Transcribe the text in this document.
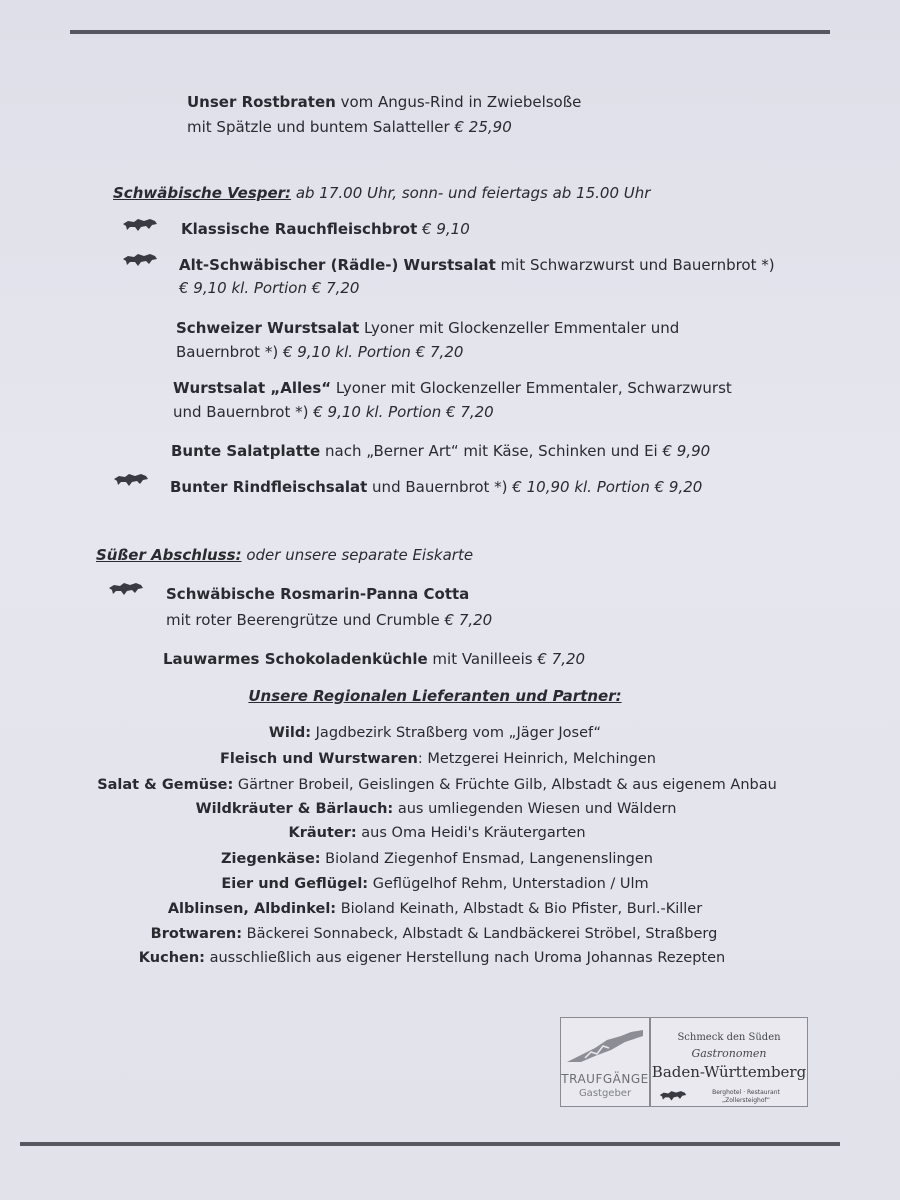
Unser Rostbraten vom Angus-Rind in Zwiebelsoße
mit Spätzle und buntem Salatteller € 25,90
Schwäbische Vesper: ab 17.00 Uhr, sonn- und feiertags ab 15.00 Uhr
Klassische Rauchfleischbrot € 9,10
Alt-Schwäbischer (Rädle-) Wurstsalat mit Schwarzwurst und Bauernbrot *)
€ 9,10 kl. Portion € 7,20
Schweizer Wurstsalat Lyoner mit Glockenzeller Emmentaler und
Bauernbrot *) € 9,10 kl. Portion € 7,20
Wurstsalat „Alles“ Lyoner mit Glockenzeller Emmentaler, Schwarzwurst
und Bauernbrot *) € 9,10 kl. Portion € 7,20
Bunte Salatplatte nach „Berner Art“ mit Käse, Schinken und Ei € 9,90
Bunter Rindfleischsalat und Bauernbrot *) € 10,90 kl. Portion € 9,20
Süßer Abschluss: oder unsere separate Eiskarte
Schwäbische Rosmarin-Panna Cotta
mit roter Beerengrütze und Crumble € 7,20
Lauwarmes Schokoladenküchle mit Vanilleeis € 7,20
Unsere Regionalen Lieferanten und Partner:
Wild: Jagdbezirk Straßberg vom „Jäger Josef“
Fleisch und Wurstwaren: Metzgerei Heinrich, Melchingen
Salat & Gemüse: Gärtner Brobeil, Geislingen & Früchte Gilb, Albstadt & aus eigenem Anbau
Wildkräuter & Bärlauch: aus umliegenden Wiesen und Wäldern
Kräuter: aus Oma Heidi's Kräutergarten
Ziegenkäse: Bioland Ziegenhof Ensmad, Langenenslingen
Eier und Geflügel: Geflügelhof Rehm, Unterstadion / Ulm
Alblinsen, Albdinkel: Bioland Keinath, Albstadt & Bio Pfister, Burl.-Killer
Brotwaren: Bäckerei Sonnabeck, Albstadt & Landbäckerei Ströbel, Straßberg
Kuchen: ausschließlich aus eigener Herstellung nach Uroma Johannas Rezepten
TRAUFGÄNGE
Gastgeber
Schmeck den Süden
Gastronomen
Baden-Württemberg
Berghotel · Restaurant
„Zollersteighof“
